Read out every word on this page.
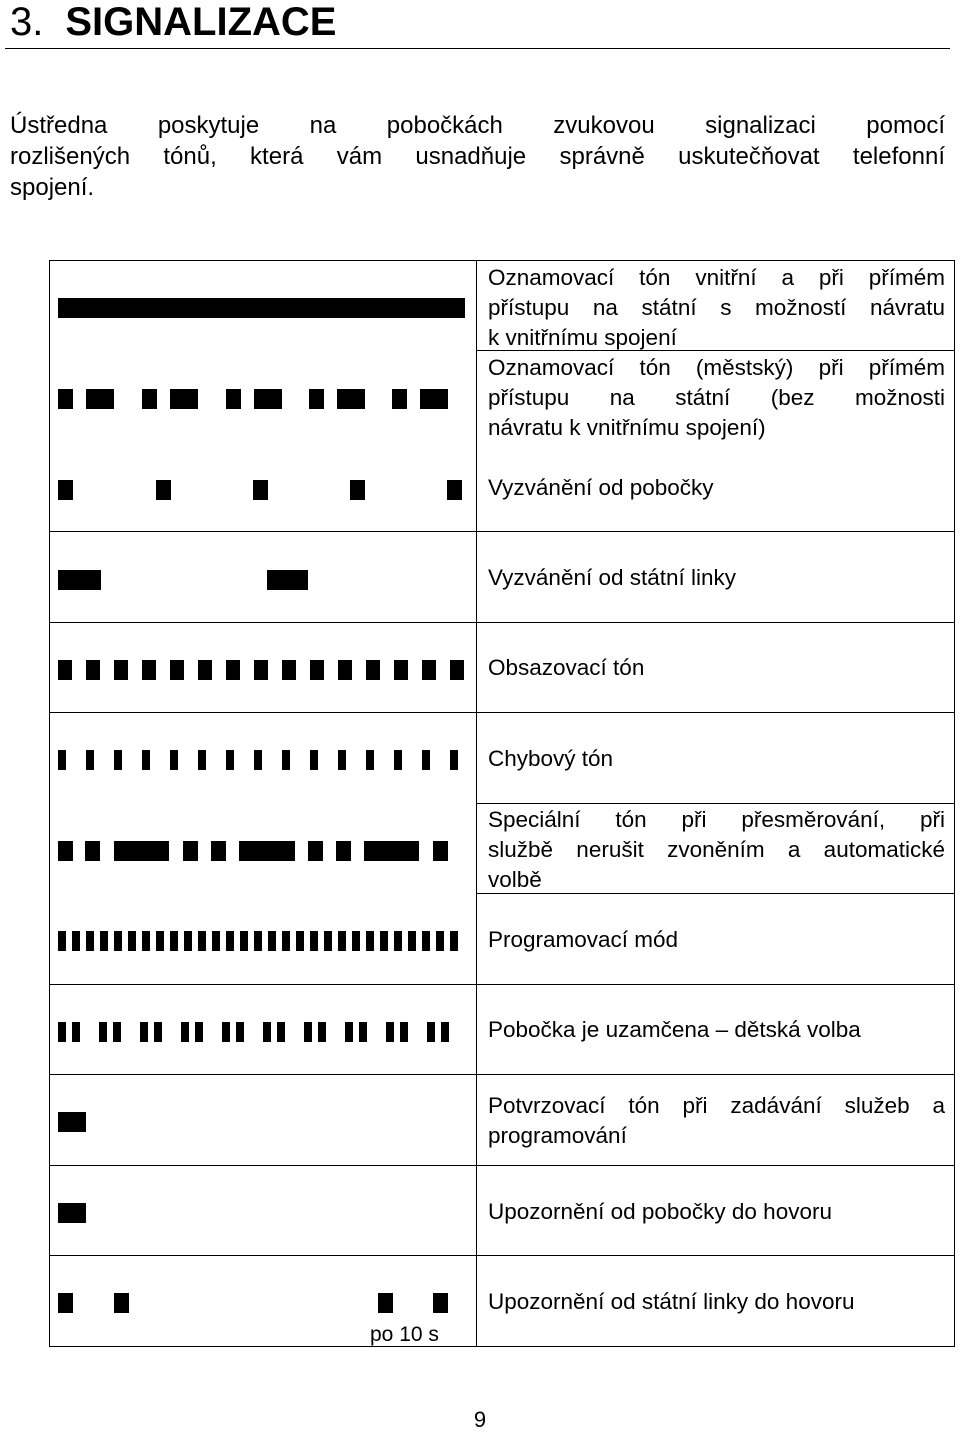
3. SIGNALIZACE
Ústředna poskytuje na pobočkách zvukovou signalizaci pomocí
rozlišených tónů, která vám usnadňuje správně uskutečňovat telefonní
spojení.
Oznamovací tón vnitřní a při přímém
přístupu na státní s možností návratu
k vnitřnímu spojení
Oznamovací tón (městský) při přímém
přístupu na státní (bez možnosti
návratu k vnitřnímu spojení)
Vyzvánění od pobočky
Vyzvánění od státní linky
Obsazovací tón
Chybový tón
Speciální tón při přesměrování, při
službě nerušit zvoněním a automatické
volbě
Programovací mód
Pobočka je uzamčena – dětská volba
Potvrzovací tón při zadávání služeb a
programování
Upozornění od pobočky do hovoru
Upozornění od státní linky do hovoru
po 10 s
9
